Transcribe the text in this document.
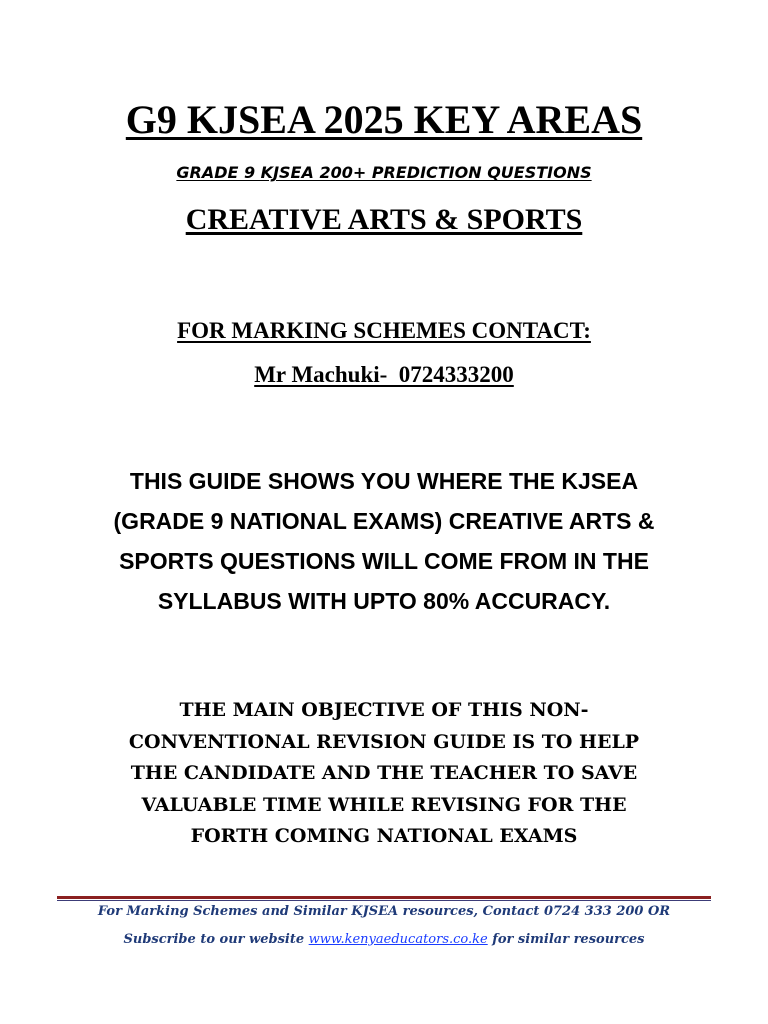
G9 KJSEA 2025 KEY AREAS
GRADE 9 KJSEA 200+ PREDICTION QUESTIONS
CREATIVE ARTS & SPORTS
FOR MARKING SCHEMES CONTACT:
Mr Machuki-  0724333200
THIS GUIDE SHOWS YOU WHERE THE KJSEA
(GRADE 9 NATIONAL EXAMS) CREATIVE ARTS &
SPORTS QUESTIONS WILL COME FROM IN THE
SYLLABUS WITH UPTO 80% ACCURACY.
THE MAIN OBJECTIVE OF THIS NON-
CONVENTIONAL REVISION GUIDE IS TO HELP
THE CANDIDATE AND THE TEACHER TO SAVE
VALUABLE TIME WHILE REVISING FOR THE
FORTH COMING NATIONAL EXAMS
For Marking Schemes and Similar KJSEA resources, Contact 0724 333 200 OR
Subscribe to our website www.kenyaeducators.co.ke for similar resources
